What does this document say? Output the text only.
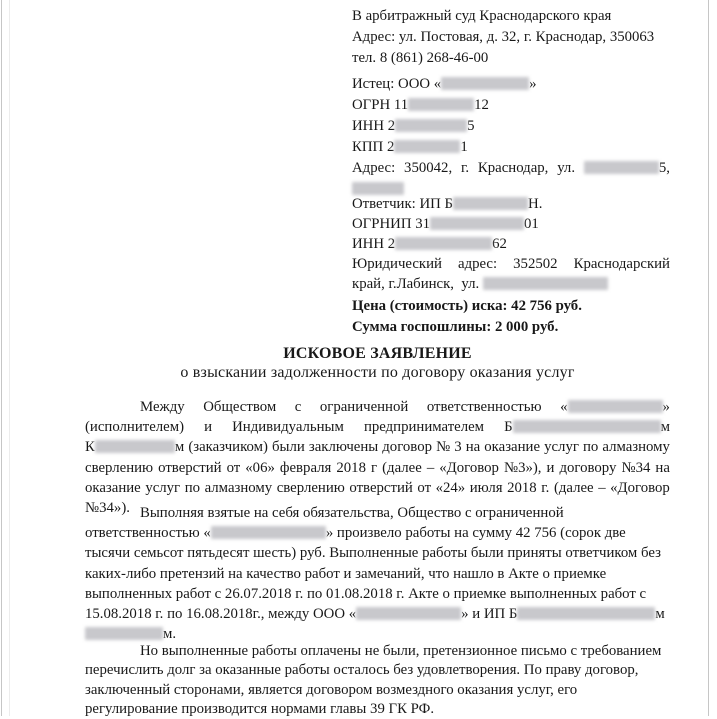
В арбитражный суд Краснодарского края
Адрес: ул. Постовая, д. 32, г. Краснодар, 350063
тел. 8 (861) 268-46-00
Истец: ООО «	»
ОГРН 11	12
ИНН 2	5
КПП 2	1
Адрес: 350042, г. Краснодар, ул.	5,
Ответчик: ИП Б	Н.
ОГРНИП 31	01
ИНН 2	62
Юридический адрес: 352502 Краснодарский
край, г.Лабинск,  ул.
Цена (стоимость) иска: 42 756 руб.
Сумма госпошлины: 2 000 руб.
ИСКОВОЕ ЗАЯВЛЕНИЕ
о взыскании задолженности по договору оказания услуг
Между Обществом с ограниченной ответственностью «	»
(исполнителем) и Индивидуальным предпринимателем Б	м
К	м (заказчиком) были заключены договор № 3 на оказание услуг по алмазному
сверлению отверстий от «06» февраля 2018 г (далее – «Договор №3»), и договору №34 на
оказание услуг по алмазному сверлению отверстий от «24» июля 2018 г. (далее – «Договор
№34»). Выполняя взятые на себя обязательства, Общество с ограниченной
ответственностью «	» произвело работы на сумму 42 756 (сорок две
тысячи семьсот пятьдесят шесть) руб. Выполненные работы были приняты ответчиком без
каких-либо претензий на качество работ и замечаний, что нашло в Акте о приемке
выполненных работ с 26.07.2018 г. по 01.08.2018 г. Акте о приемке выполненных работ с
15.08.2018 г. по 16.08.2018г., между ООО «	» и ИП Б	м
м.
Но выполненные работы оплачены не были, претензионное письмо с требованием
перечислить долг за оказанные работы осталось без удовлетворения. По праву договор,
заключенный сторонами, является договором возмездного оказания услуг, его
регулирование производится нормами главы 39 ГК РФ.
